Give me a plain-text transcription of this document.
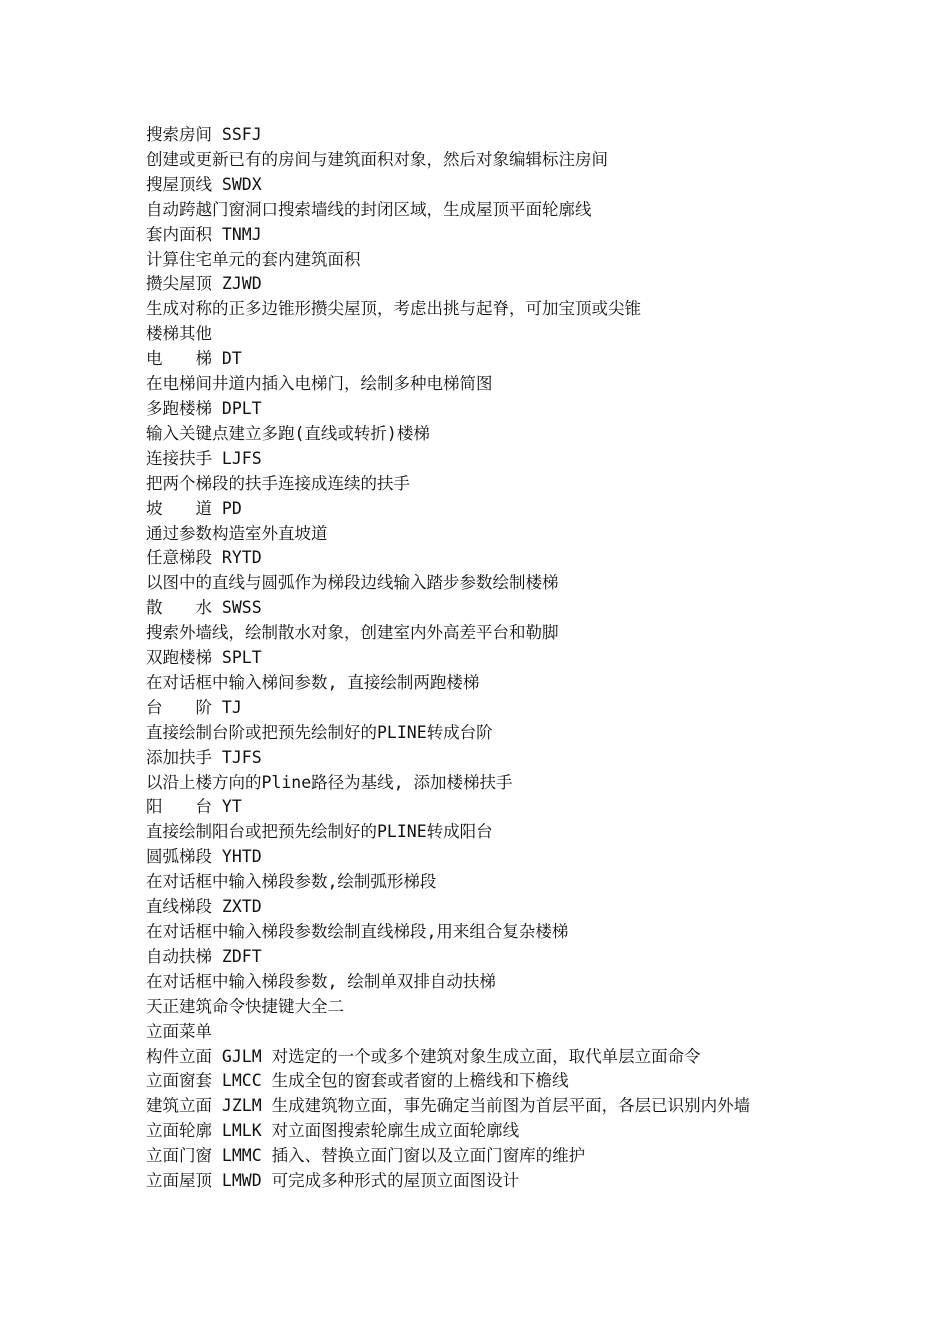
搜索房间 SSFJ

创建或更新已有的房间与建筑面积对象，然后对象编辑标注房间

搜屋顶线 SWDX

自动跨越门窗洞口搜索墙线的封闭区域，生成屋顶平面轮廓线

套内面积 TNMJ

计算住宅单元的套内建筑面积

攒尖屋顶 ZJWD

生成对称的正多边锥形攒尖屋顶，考虑出挑与起脊，可加宝顶或尖锥

楼梯其他

电　　梯 DT

在电梯间井道内插入电梯门，绘制多种电梯简图

多跑楼梯 DPLT

输入关键点建立多跑(直线或转折)楼梯

连接扶手 LJFS

把两个梯段的扶手连接成连续的扶手

坡　　道 PD

通过参数构造室外直坡道

任意梯段 RYTD

以图中的直线与圆弧作为梯段边线输入踏步参数绘制楼梯

散　　水 SWSS

搜索外墙线，绘制散水对象，创建室内外高差平台和勒脚

双跑楼梯 SPLT

在对话框中输入梯间参数, 直接绘制两跑楼梯

台　　阶 TJ

直接绘制台阶或把预先绘制好的PLINE转成台阶

添加扶手 TJFS

以沿上楼方向的Pline路径为基线, 添加楼梯扶手

阳　　台 YT

直接绘制阳台或把预先绘制好的PLINE转成阳台

圆弧梯段 YHTD

在对话框中输入梯段参数,绘制弧形梯段

直线梯段 ZXTD

在对话框中输入梯段参数绘制直线梯段,用来组合复杂楼梯

自动扶梯 ZDFT

在对话框中输入梯段参数, 绘制单双排自动扶梯

天正建筑命令快捷键大全二

立面菜单

构件立面 GJLM 对选定的一个或多个建筑对象生成立面，取代单层立面命令

立面窗套 LMCC 生成全包的窗套或者窗的上檐线和下檐线

建筑立面 JZLM 生成建筑物立面，事先确定当前图为首层平面，各层已识别内外墙

立面轮廓 LMLK 对立面图搜索轮廓生成立面轮廓线

立面门窗 LMMC 插入、替换立面门窗以及立面门窗库的维护

立面屋顶 LMWD 可完成多种形式的屋顶立面图设计
